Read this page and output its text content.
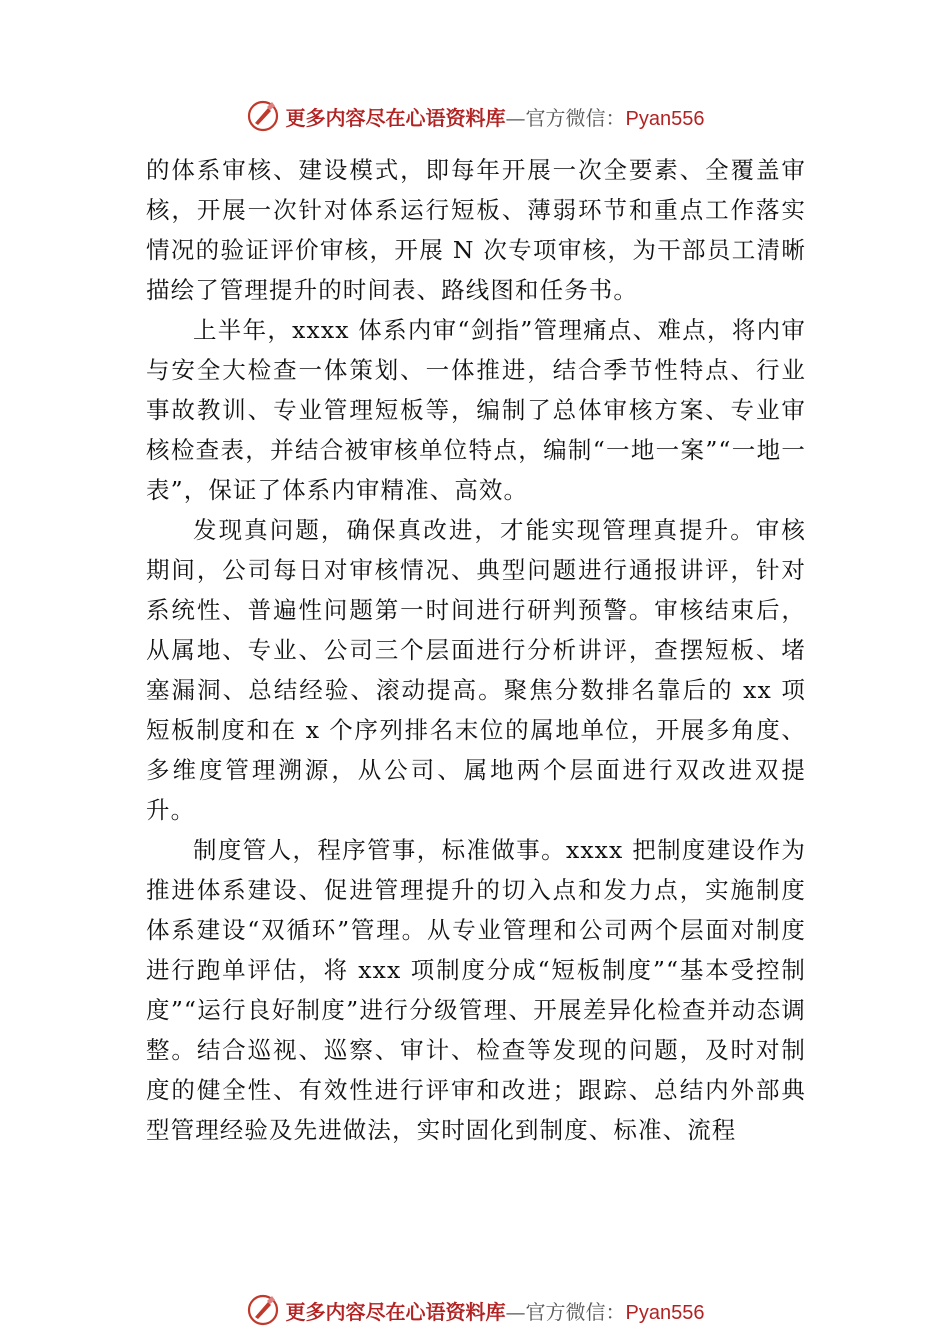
更多内容尽在心语资料库—官方微信：Pyan556

的体系审核、建设模式，即每年开展一次全要素、全覆盖审核，开展一次针对体系运行短板、薄弱环节和重点工作落实情况的验证评价审核，开展 N 次专项审核，为干部员工清晰描绘了管理提升的时间表、路线图和任务书。

上半年，xxxx 体系内审“剑指”管理痛点、难点，将内审与安全大检查一体策划、一体推进，结合季节性特点、行业事故教训、专业管理短板等，编制了总体审核方案、专业审核检查表，并结合被审核单位特点，编制“一地一案”“一地一表”，保证了体系内审精准、高效。

发现真问题，确保真改进，才能实现管理真提升。审核期间，公司每日对审核情况、典型问题进行通报讲评，针对系统性、普遍性问题第一时间进行研判预警。审核结束后，从属地、专业、公司三个层面进行分析讲评，查摆短板、堵塞漏洞、总结经验、滚动提高。聚焦分数排名靠后的 xx 项短板制度和在 x 个序列排名末位的属地单位，开展多角度、多维度管理溯源，从公司、属地两个层面进行双改进双提升。

制度管人，程序管事，标准做事。xxxx 把制度建设作为推进体系建设、促进管理提升的切入点和发力点，实施制度体系建设“双循环”管理。从专业管理和公司两个层面对制度进行跑单评估，将 xxx 项制度分成“短板制度”“基本受控制度”“运行良好制度”进行分级管理、开展差异化检查并动态调整。结合巡视、巡察、审计、检查等发现的问题，及时对制度的健全性、有效性进行评审和改进；跟踪、总结内外部典型管理经验及先进做法，实时固化到制度、标准、流程

更多内容尽在心语资料库—官方微信：Pyan556
